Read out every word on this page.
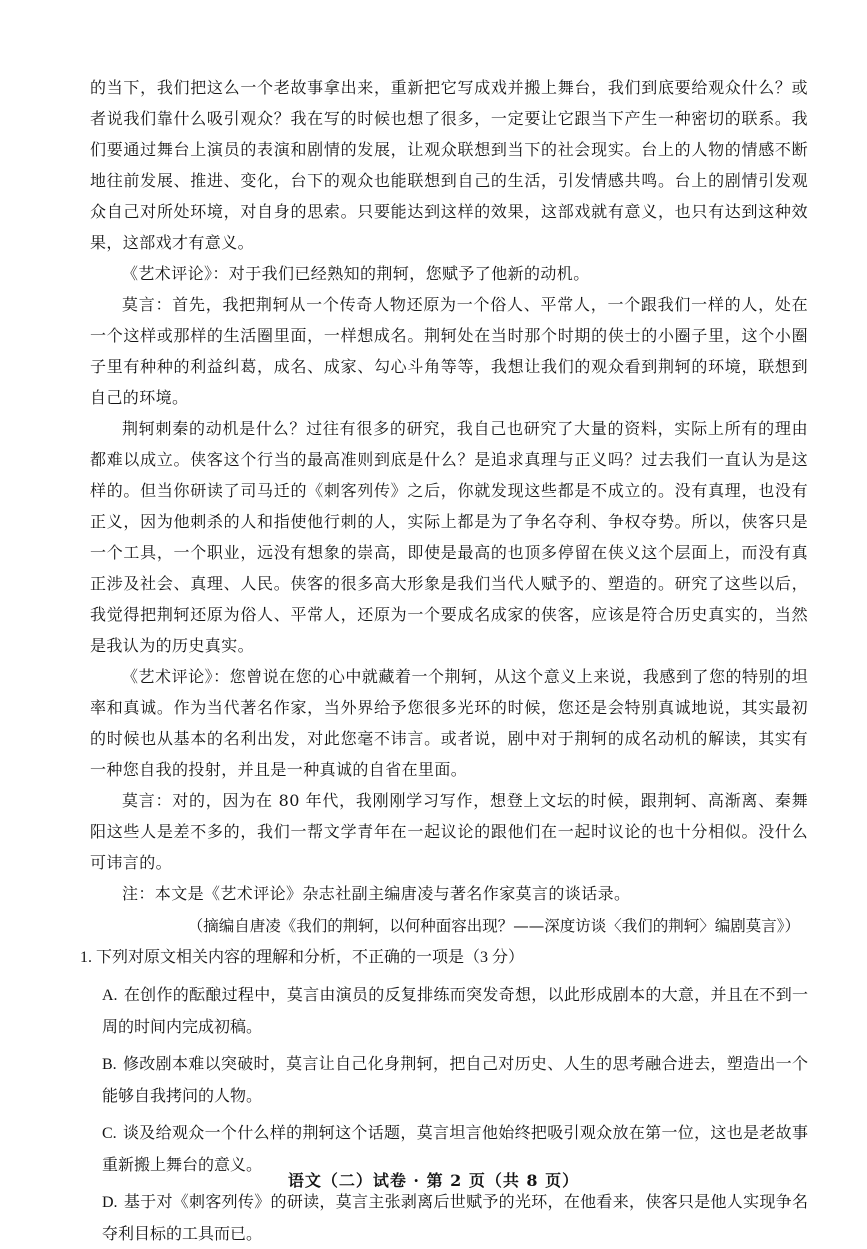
的当下，我们把这么一个老故事拿出来，重新把它写成戏并搬上舞台，我们到底要给观众什么？或者说我们靠什么吸引观众？我在写的时候也想了很多，一定要让它跟当下产生一种密切的联系。我们要通过舞台上演员的表演和剧情的发展，让观众联想到当下的社会现实。台上的人物的情感不断地往前发展、推进、变化，台下的观众也能联想到自己的生活，引发情感共鸣。台上的剧情引发观众自己对所处环境，对自身的思索。只要能达到这样的效果，这部戏就有意义，也只有达到这种效果，这部戏才有意义。

《艺术评论》：对于我们已经熟知的荆轲，您赋予了他新的动机。

莫言：首先，我把荆轲从一个传奇人物还原为一个俗人、平常人，一个跟我们一样的人，处在一个这样或那样的生活圈里面，一样想成名。荆轲处在当时那个时期的侠士的小圈子里，这个小圈子里有种种的利益纠葛，成名、成家、勾心斗角等等，我想让我们的观众看到荆轲的环境，联想到自己的环境。

荆轲刺秦的动机是什么？过往有很多的研究，我自己也研究了大量的资料，实际上所有的理由都难以成立。侠客这个行当的最高准则到底是什么？是追求真理与正义吗？过去我们一直认为是这样的。但当你研读了司马迁的《刺客列传》之后，你就发现这些都是不成立的。没有真理，也没有正义，因为他刺杀的人和指使他行刺的人，实际上都是为了争名夺利、争权夺势。所以，侠客只是一个工具，一个职业，远没有想象的崇高，即使是最高的也顶多停留在侠义这个层面上，而没有真正涉及社会、真理、人民。侠客的很多高大形象是我们当代人赋予的、塑造的。研究了这些以后，我觉得把荆轲还原为俗人、平常人，还原为一个要成名成家的侠客，应该是符合历史真实的，当然是我认为的历史真实。

《艺术评论》：您曾说在您的心中就藏着一个荆轲，从这个意义上来说，我感到了您的特别的坦率和真诚。作为当代著名作家，当外界给予您很多光环的时候，您还是会特别真诚地说，其实最初的时候也从基本的名利出发，对此您毫不讳言。或者说，剧中对于荆轲的成名动机的解读，其实有一种您自我的投射，并且是一种真诚的自省在里面。

莫言：对的，因为在 80 年代，我刚刚学习写作，想登上文坛的时候，跟荆轲、高渐离、秦舞阳这些人是差不多的，我们一帮文学青年在一起议论的跟他们在一起时议论的也十分相似。没什么可讳言的。

注：本文是《艺术评论》杂志社副主编唐凌与著名作家莫言的谈话录。

（摘编自唐凌《我们的荆轲，以何种面容出现？——深度访谈〈我们的荆轲〉编剧莫言》）

1. 下列对原文相关内容的理解和分析，不正确的一项是（3 分）

A. 在创作的酝酿过程中，莫言由演员的反复排练而突发奇想，以此形成剧本的大意，并且在不到一周的时间内完成初稿。

B. 修改剧本难以突破时，莫言让自己化身荆轲，把自己对历史、人生的思考融合进去，塑造出一个能够自我拷问的人物。

C. 谈及给观众一个什么样的荆轲这个话题，莫言坦言他始终把吸引观众放在第一位，这也是老故事重新搬上舞台的意义。

D. 基于对《刺客列传》的研读，莫言主张剥离后世赋予的光环，在他看来，侠客只是他人实现争名夺利目标的工具而已。

语文（二）试卷 · 第 2 页（共 8 页）
